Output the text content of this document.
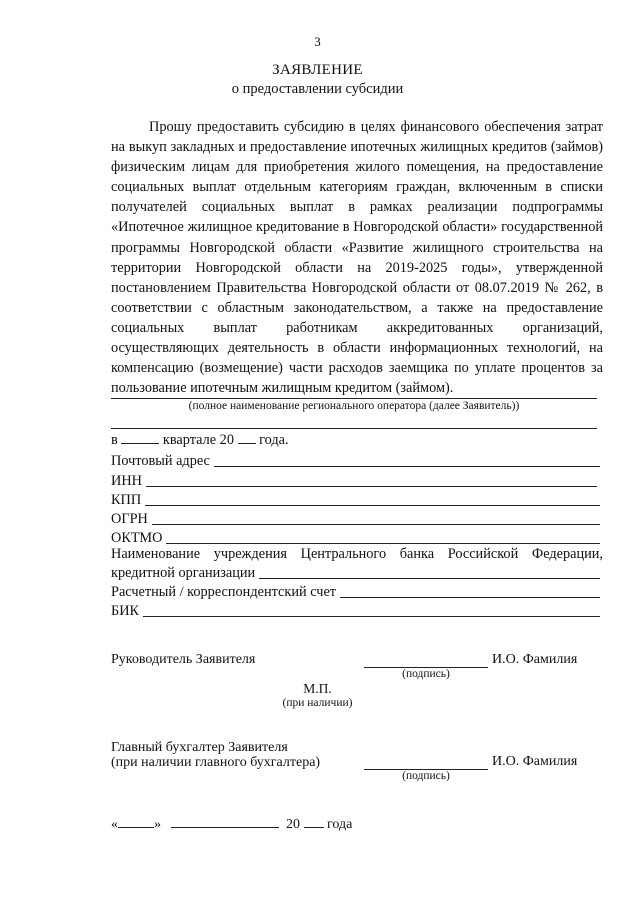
3
ЗАЯВЛЕНИЕ
о предоставлении субсидии
Прошу предоставить субсидию в целях финансового обеспечения затрат на выкуп закладных и предоставление ипотечных жилищных кредитов (займов) физическим лицам для приобретения жилого помещения, на предоставление социальных выплат отдельным категориям граждан, включенным в списки получателей социальных выплат в рамках реализации подпрограммы «Ипотечное жилищное кредитование в Новгородской области» государственной программы Новгородской области «Развитие жилищного строительства на территории Новгородской области на 2019-2025 годы», утвержденной постановлением Правительства Новгородской области от 08.07.2019 № 262, в соответствии с областным законодательством, а также на предоставление социальных выплат работникам аккредитованных организаций, осуществляющих деятельность в области информационных технологий, на компенсацию (возмещение) части расходов заемщика по уплате процентов за пользование ипотечным жилищным кредитом (займом).
(полное наименование регионального оператора (далее Заявитель))
в	квартале 20 года.
Почтовый адрес
ИНН
КПП
ОГРН
ОКТМО
Наименование учреждения Центрального банка Российской Федерации,
кредитной организации
Расчетный / корреспондентский счет
БИК
Руководитель Заявителя	И.О. Фамилия
(подпись)
М.П.
(при наличии)
Главный бухгалтер Заявителя
(при наличии главного бухгалтера)	И.О. Фамилия
(подпись)
«	»	20 года
